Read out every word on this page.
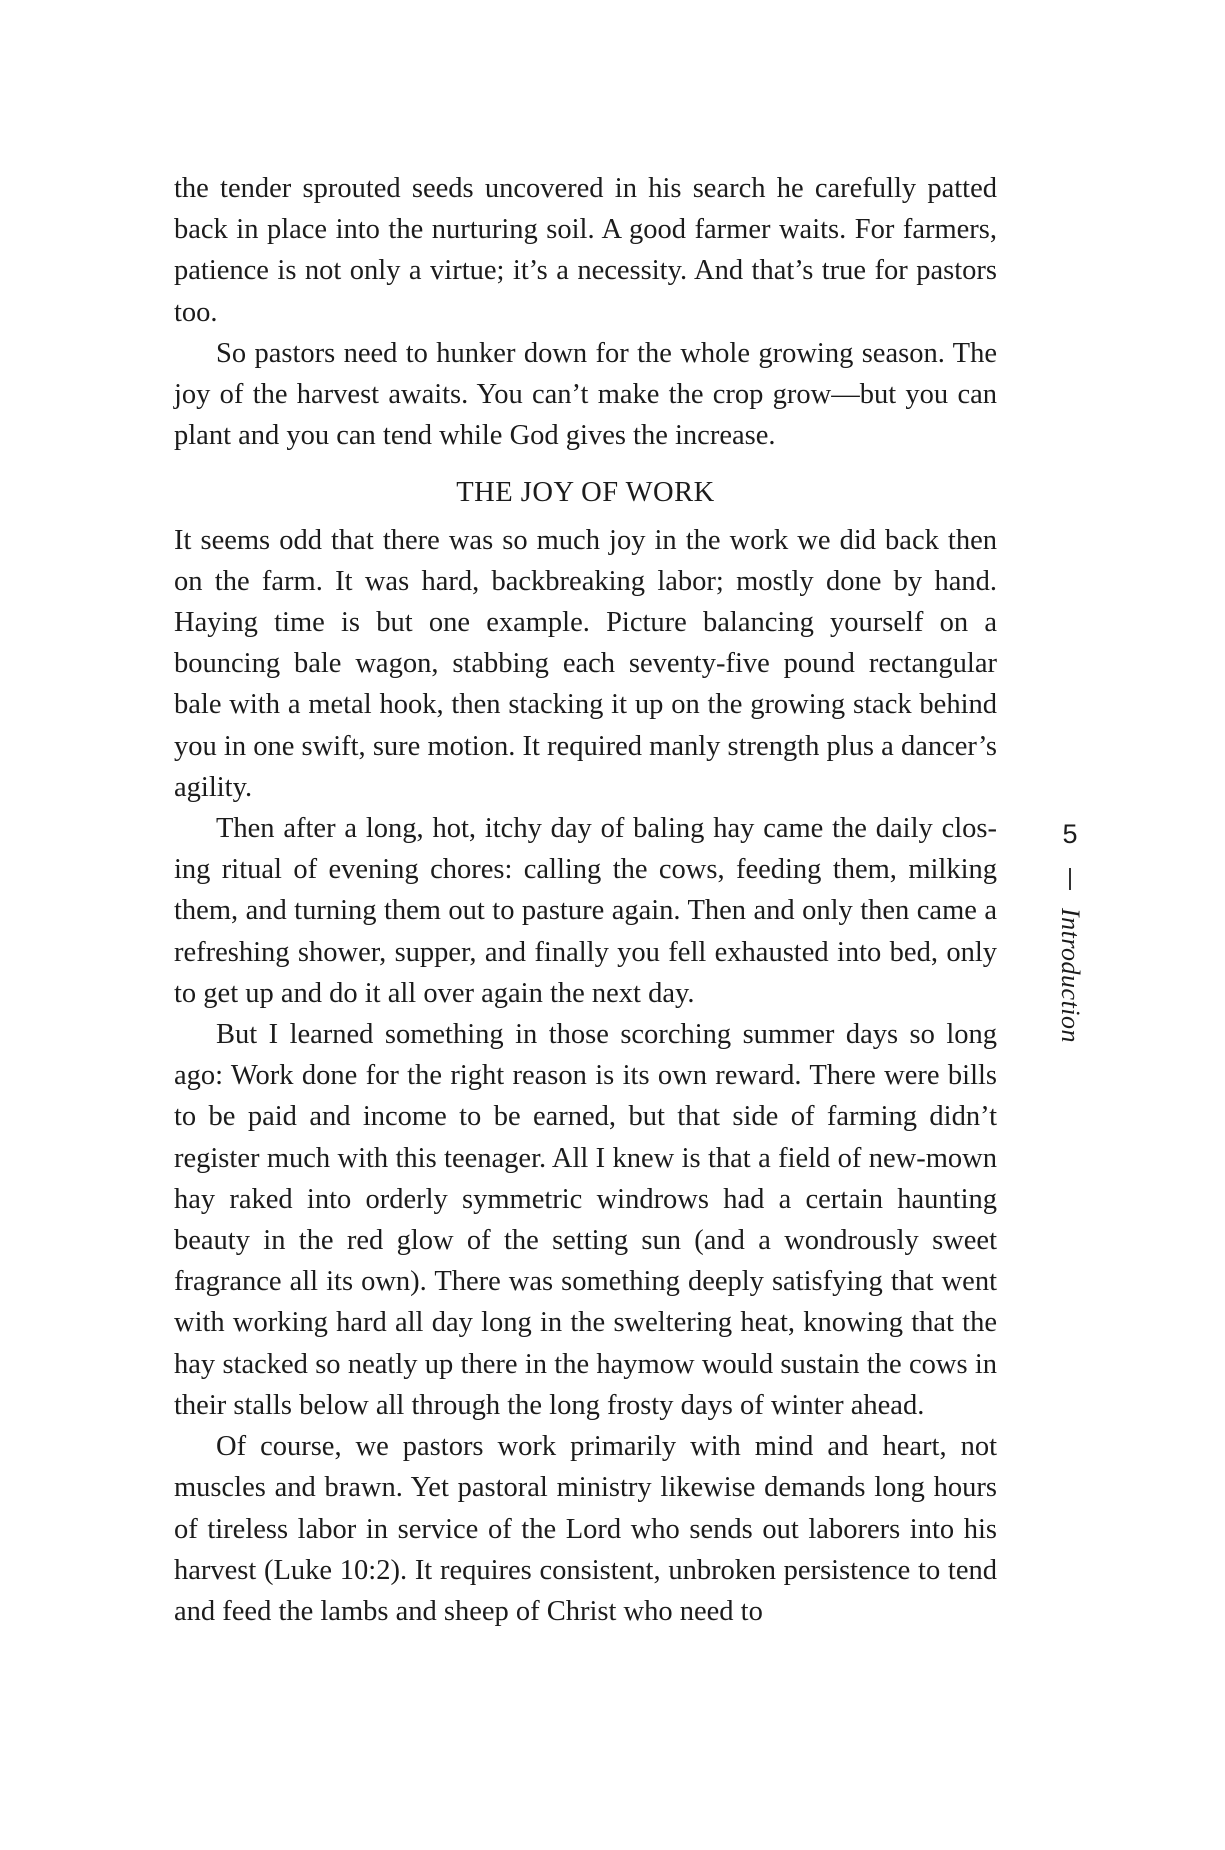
the tender sprouted seeds uncovered in his search he carefully patted back in place into the nurturing soil. A good farmer waits. For farmers, patience is not only a virtue; it’s a necessity. And that’s true for pastors too.

So pastors need to hunker down for the whole growing season. The joy of the harvest awaits. You can’t make the crop grow—but you can plant and you can tend while God gives the increase.

THE JOY OF WORK

It seems odd that there was so much joy in the work we did back then on the farm. It was hard, backbreaking labor; mostly done by hand. Haying time is but one example. Picture balancing yourself on a bouncing bale wagon, stabbing each seventy-five pound rectangular bale with a metal hook, then stacking it up on the growing stack behind you in one swift, sure motion. It required manly strength plus a dancer’s agility.

Then after a long, hot, itchy day of baling hay came the daily closing ritual of evening chores: calling the cows, feeding them, milking them, and turning them out to pasture again. Then and only then came a refreshing shower, supper, and finally you fell exhausted into bed, only to get up and do it all over again the next day.

But I learned something in those scorching summer days so long ago: Work done for the right reason is its own reward. There were bills to be paid and income to be earned, but that side of farming didn’t register much with this teenager. All I knew is that a field of new-mown hay raked into orderly symmetric windrows had a certain haunting beauty in the red glow of the setting sun (and a wondrously sweet fragrance all its own). There was something deeply satisfying that went with working hard all day long in the sweltering heat, knowing that the hay stacked so neatly up there in the haymow would sustain the cows in their stalls below all through the long frosty days of winter ahead.

Of course, we pastors work primarily with mind and heart, not muscles and brawn. Yet pastoral ministry likewise demands long hours of tireless labor in service of the Lord who sends out laborers into his harvest (Luke 10:2). It requires consistent, unbroken persistence to tend and feed the lambs and sheep of Christ who need to

5
Introduction
